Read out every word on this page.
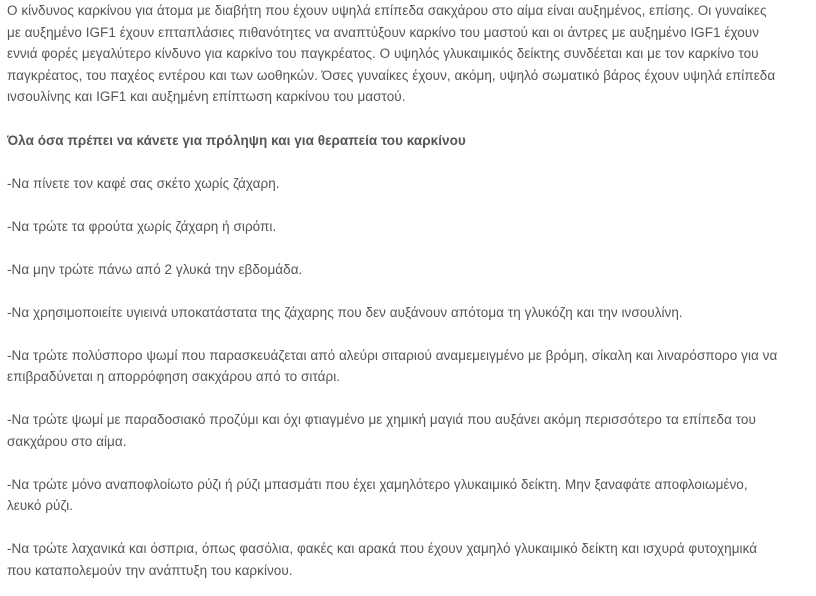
Ο κίνδυνος καρκίνου για άτομα με διαβήτη που έχουν υψηλά επίπεδα σακχάρου στο αίμα είναι αυξημένος, επίσης. Οι γυναίκες
με αυξημένο IGF1 έχουν επταπλάσιες πιθανότητες να αναπτύξουν καρκίνο του μαστού και οι άντρες με αυξημένο IGF1 έχουν
εννιά φορές μεγαλύτερο κίνδυνο για καρκίνο του παγκρέατος. Ο υψηλός γλυκαιμικός δείκτης συνδέεται και με τον καρκίνο του
παγκρέατος, του παχέος εντέρου και των ωοθηκών. Όσες γυναίκες έχουν, ακόμη, υψηλό σωματικό βάρος έχουν υψηλά επίπεδα
ινσουλίνης και IGF1 και αυξημένη επίπτωση καρκίνου του μαστού.

Όλα όσα πρέπει να κάνετε για πρόληψη και για θεραπεία του καρκίνου

-Να πίνετε τον καφέ σας σκέτο χωρίς ζάχαρη.

-Να τρώτε τα φρούτα χωρίς ζάχαρη ή σιρόπι.

-Να μην τρώτε πάνω από 2 γλυκά την εβδομάδα.

-Να χρησιμοποιείτε υγιεινά υποκατάστατα της ζάχαρης που δεν αυξάνουν απότομα τη γλυκόζη και την ινσουλίνη.

-Να τρώτε πολύσπορο ψωμί που παρασκευάζεται από αλεύρι σιταριού αναμεμειγμένο με βρόμη, σίκαλη και λιναρόσπορο για να
επιβραδύνεται η απορρόφηση σακχάρου από το σιτάρι.

-Να τρώτε ψωμί με παραδοσιακό προζύμι και όχι φτιαγμένο με χημική μαγιά που αυξάνει ακόμη περισσότερο τα επίπεδα του
σακχάρου στο αίμα.

-Να τρώτε μόνο αναποφλοίωτο ρύζι ή ρύζι μπασμάτι που έχει χαμηλότερο γλυκαιμικό δείκτη. Μην ξαναφάτε αποφλοιωμένο,
λευκό ρύζι.

-Να τρώτε λαχανικά και όσπρια, όπως φασόλια, φακές και αρακά που έχουν χαμηλό γλυκαιμικό δείκτη και ισχυρά φυτοχημικά
που καταπολεμούν την ανάπτυξη του καρκίνου.
